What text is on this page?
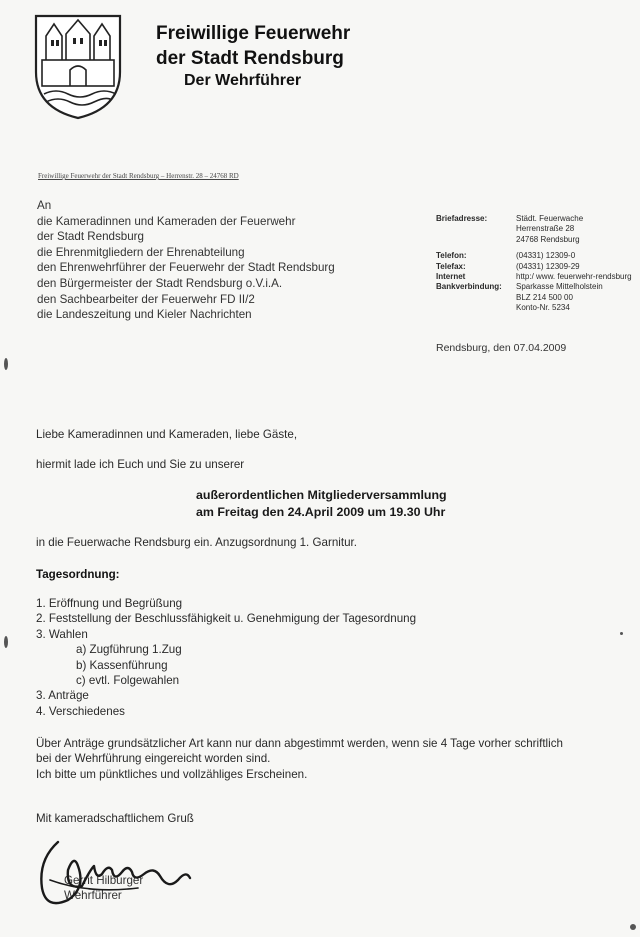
Freiwillige Feuerwehr
der Stadt Rendsburg
Der Wehrführer
Freiwillige Feuerwehr der Stadt Rendsburg – Herrenstr. 28 – 24768 RD
An
die Kameradinnen und Kameraden der Feuerwehr
der Stadt Rendsburg
die Ehrenmitgliedern der Ehrenabteilung
den Ehrenwehrführer der Feuerwehr der Stadt Rendsburg
den Bürgermeister der Stadt Rendsburg o.V.i.A.
den Sachbearbeiter der Feuerwehr FD II/2
die Landeszeitung und Kieler Nachrichten
Briefadresse:	Städt. Feuerwache
Herrenstraße 28
24768 Rendsburg
Telefon:	(04331) 12309-0
Telefax:	(04331) 12309-29
Internet	http:/ www. feuerwehr-rendsburg
Bankverbindung:	Sparkasse Mittelholstein
BLZ 214 500 00
Konto-Nr. 5234
Rendsburg, den 07.04.2009
Liebe Kameradinnen und Kameraden, liebe Gäste,
hiermit lade ich Euch und Sie zu unserer
außerordentlichen Mitgliederversammlung
am Freitag den 24.April 2009 um 19.30 Uhr
in die Feuerwache Rendsburg ein. Anzugsordnung 1. Garnitur.
Tagesordnung:
1. Eröffnung und Begrüßung
2. Feststellung der Beschlussfähigkeit u. Genehmigung der Tagesordnung
3. Wahlen
a) Zugführung 1.Zug
b) Kassenführung
c) evtl. Folgewahlen
3. Anträge
4. Verschiedenes
Über Anträge grundsätzlicher Art kann nur dann abgestimmt werden, wenn sie 4 Tage vorher schriftlich
bei der Wehrführung eingereicht worden sind.
Ich bitte um pünktliches und vollzähliges Erscheinen.
Mit kameradschaftlichem Gruß
Gerrit Hilburger
Wehrführer
